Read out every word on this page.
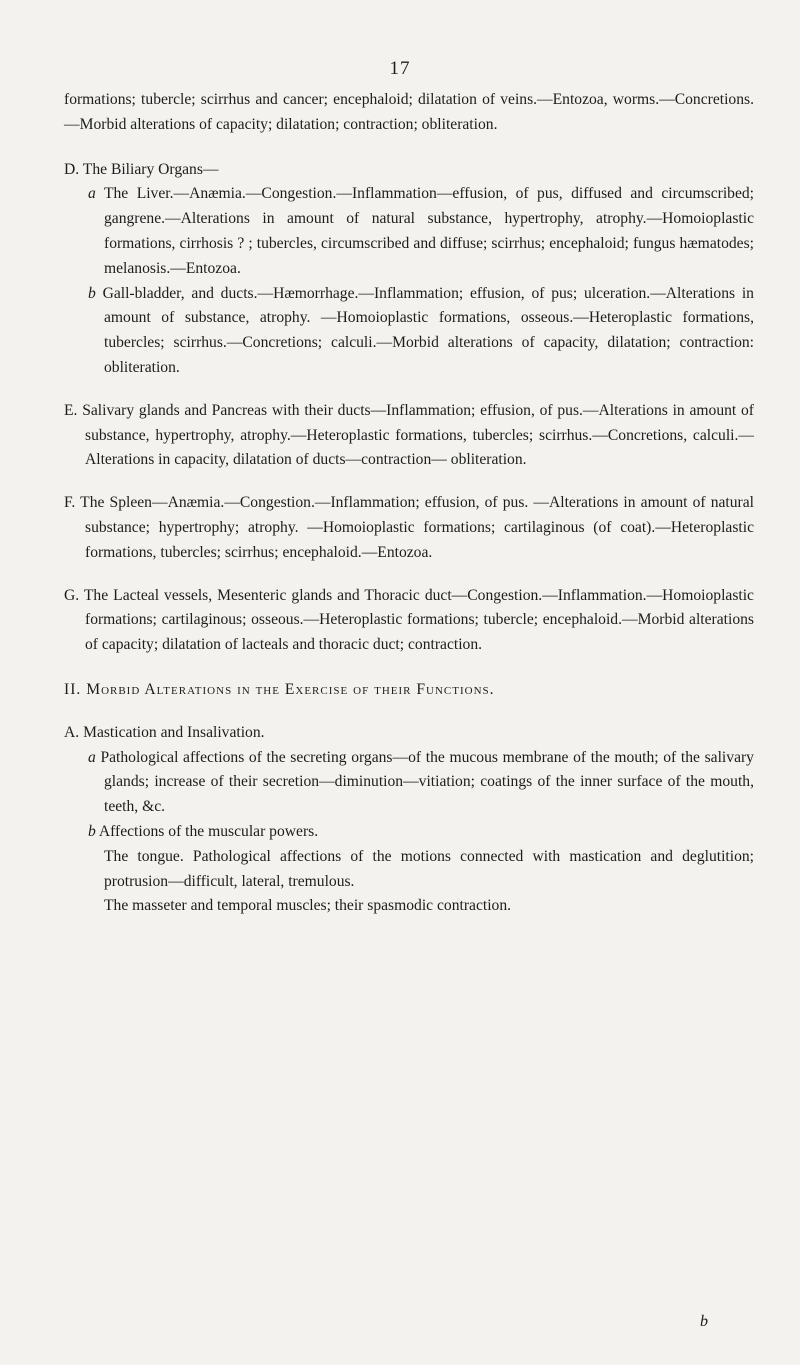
17

formations; tubercle; scirrhus and cancer; encephaloid; dilatation of veins.—Entozoa, worms.—Concretions.—Morbid alterations of capacity; dilatation; contraction; obliteration.

D. The Biliary Organs—

a The Liver.—Anæmia.—Congestion.—Inflammation—effusion, of pus, diffused and circumscribed; gangrene.—Alterations in amount of natural substance, hypertrophy, atrophy.—Homoioplastic formations, cirrhosis ? ; tubercles, circumscribed and diffuse; scirrhus; encephaloid; fungus hæmatodes; melanosis.—Entozoa.

b Gall-bladder, and ducts.—Hæmorrhage.—Inflammation; effusion, of pus; ulceration.—Alterations in amount of substance, atrophy. —Homoioplastic formations, osseous.—Heteroplastic formations, tubercles; scirrhus.—Concretions; calculi.—Morbid alterations of capacity, dilatation; contraction: obliteration.

E. Salivary glands and Pancreas with their ducts—Inflammation; effusion, of pus.—Alterations in amount of substance, hypertrophy, atrophy.—Heteroplastic formations, tubercles; scirrhus.—Concretions, calculi.—Alterations in capacity, dilatation of ducts—contraction— obliteration.

F. The Spleen—Anæmia.—Congestion.—Inflammation; effusion, of pus. —Alterations in amount of natural substance; hypertrophy; atrophy. —Homoioplastic formations; cartilaginous (of coat).—Heteroplastic formations, tubercles; scirrhus; encephaloid.—Entozoa.

G. The Lacteal vessels, Mesenteric glands and Thoracic duct—Congestion.—Inflammation.—Homoioplastic formations; cartilaginous; osseous.—Heteroplastic formations; tubercle; encephaloid.—Morbid alterations of capacity; dilatation of lacteals and thoracic duct; contraction.

II. Morbid Alterations in the Exercise of their Functions.

A. Mastication and Insalivation.

a Pathological affections of the secreting organs—of the mucous membrane of the mouth; of the salivary glands; increase of their secretion—diminution—vitiation; coatings of the inner surface of the mouth, teeth, &c.

b Affections of the muscular powers.

The tongue. Pathological affections of the motions connected with mastication and deglutition; protrusion—difficult, lateral, tremulous.

The masseter and temporal muscles; their spasmodic contraction.

b
